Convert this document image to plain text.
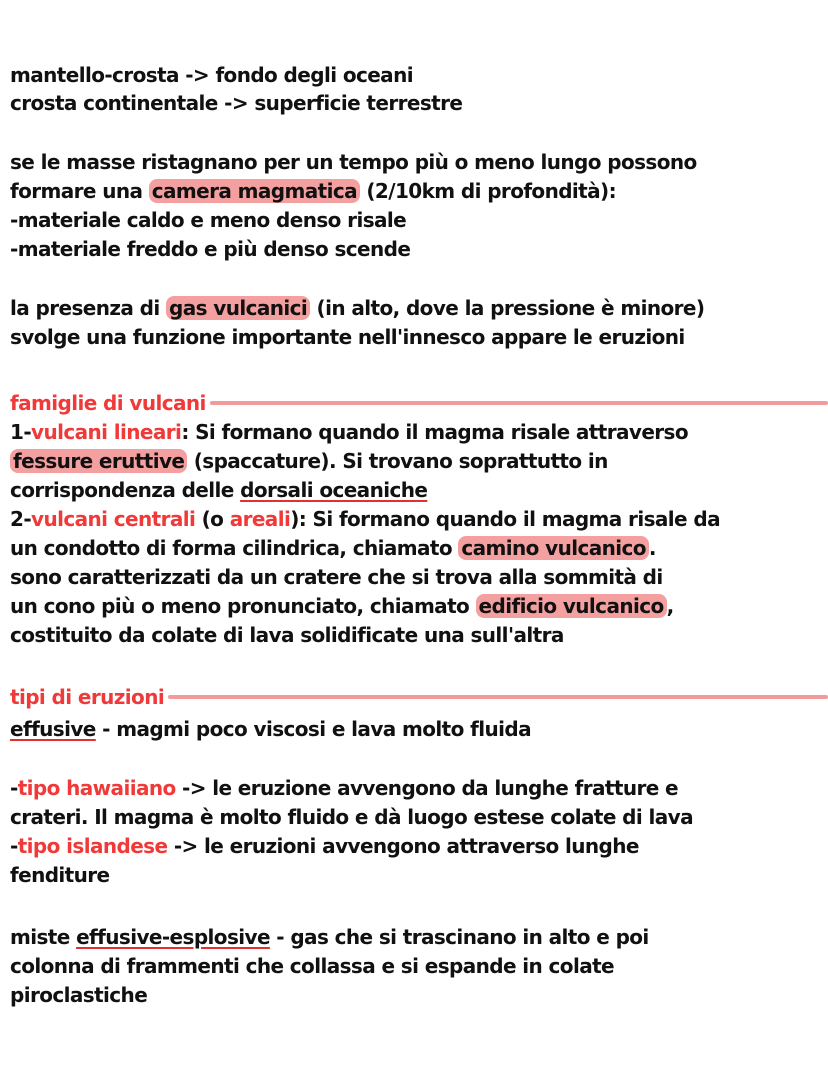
mantello-crosta -> fondo degli oceani
crosta continentale -> superficie terrestre
se le masse ristagnano per un tempo più o meno lungo possono
formare una camera magmatica (2/10km di profondità):
-materiale caldo e meno denso risale
-materiale freddo e più denso scende
la presenza di gas vulcanici (in alto, dove la pressione è minore)
svolge una funzione importante nell'innesco appare le eruzioni
famiglie di vulcani
1-vulcani lineari: Si formano quando il magma risale attraverso
fessure eruttive (spaccature). Si trovano soprattutto in
corrispondenza delle dorsali oceaniche
2-vulcani centrali (o areali): Si formano quando il magma risale da
un condotto di forma cilindrica, chiamato camino vulcanico .
sono caratterizzati da un cratere che si trova alla sommità di
un cono più o meno pronunciato, chiamato edificio vulcanico ,
costituito da colate di lava solidificate una sull'altra
tipi di eruzioni
effusive - magmi poco viscosi e lava molto fluida
-tipo hawaiiano -> le eruzione avvengono da lunghe fratture e
crateri. Il magma è molto fluido e dà luogo estese colate di lava
-tipo islandese -> le eruzioni avvengono attraverso lunghe
fenditure
miste effusive-esplosive - gas che si trascinano in alto e poi
colonna di frammenti che collassa e si espande in colate
piroclastiche
